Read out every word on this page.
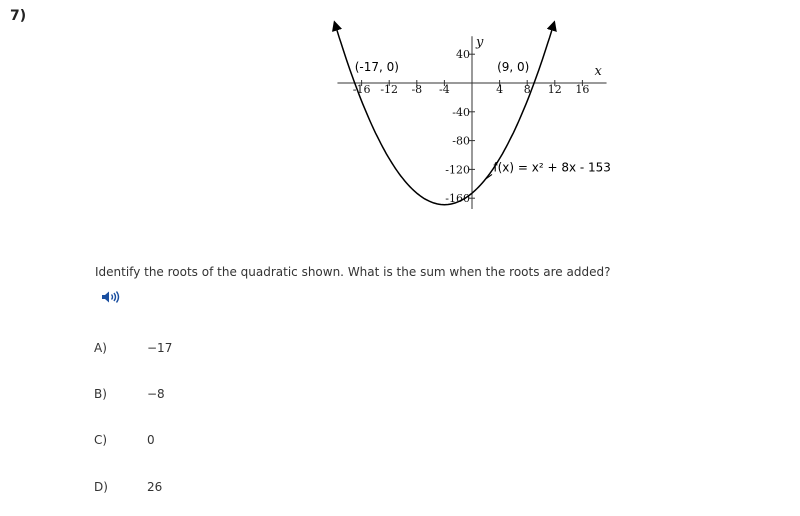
7)
x
y
-16 -12 -8 -4	4 8 12 16
40
-40
-80
-120
-160
(-17, 0)	(9, 0)
f(x) = x² + 8x - 153
Identify the roots of the quadratic shown. What is the sum when the roots are added?
A)	−17
B)	−8
C)	0
D)	26
